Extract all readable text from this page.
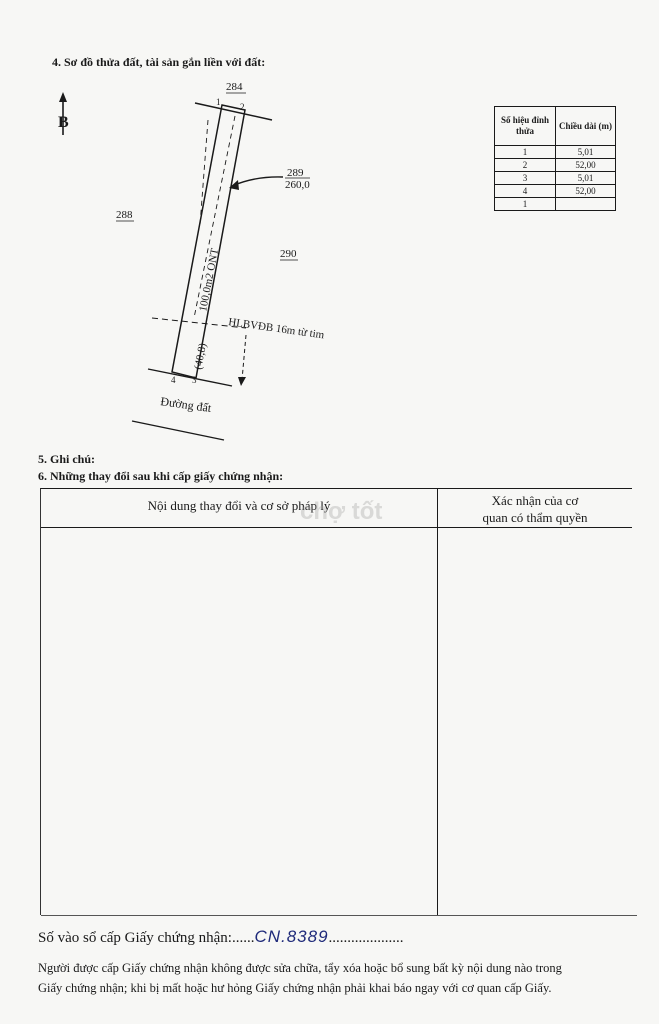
4. Sơ đồ thửa đất, tài sản gắn liền với đất:
B
284
288
290
289
260,0
100,0m2 ONT
(40,8)
HLBVĐB 16m từ tim
1 2
3
4
Đường đất
Số hiệu đỉnh thửa	Chiều dài (m)
1	5,01
2	52,00
3	5,01
4	52,00
1	
5. Ghi chú:
6. Những thay đổi sau khi cấp giấy chứng nhận:
Nội dung thay đổi và cơ sở pháp lý	Xác nhận của cơ
quan có thẩm quyền
chợ tốt
Số vào sổ cấp Giấy chứng nhận:......CN.8389....................
Người được cấp Giấy chứng nhận không được sửa chữa, tẩy xóa hoặc bổ sung bất kỳ nội dung nào trong
Giấy chứng nhận; khi bị mất hoặc hư hỏng Giấy chứng nhận phải khai báo ngay với cơ quan cấp Giấy.
